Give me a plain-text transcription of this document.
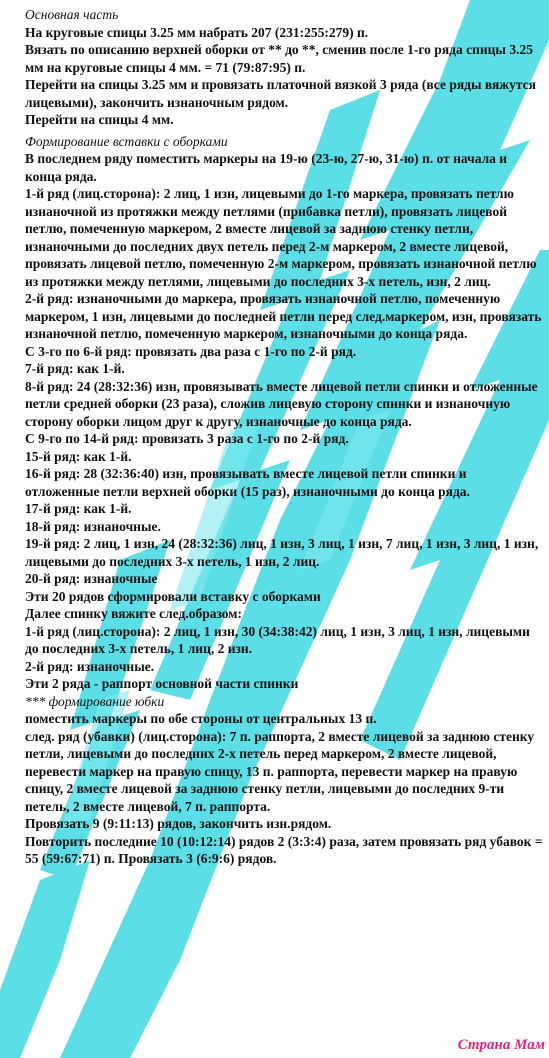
Основная часть

На круговые спицы 3.25 мм набрать 207 (231:255:279) п.

Вязать по описанию верхней оборки от ** до **, сменив после 1-го ряда спицы 3.25 мм на круговые спицы 4 мм. = 71 (79:87:95) п.

Перейти на спицы 3.25 мм и провязать платочной вязкой 3 ряда (все ряды вяжутся лицевыми), закончить изнаночным рядом.

Перейти на спицы 4 мм.

Формирование вставки с оборками

В последнем ряду поместить маркеры на 19-ю (23-ю, 27-ю, 31-ю) п. от начала и конца ряда.

1-й ряд (лиц.сторона): 2 лиц, 1 изн, лицевыми до 1-го маркера, провязать петлю изнаночной из протяжки между петлями (прибавка петли), провязать лицевой петлю, помеченную маркером, 2 вместе лицевой за заднюю стенку петли, изнаночными до последних двух петель перед 2-м маркером, 2 вместе лицевой, провязать лицевой петлю, помеченную 2-м маркером, провязать изнаночной петлю из протяжки между петлями, лицевыми до последних 3-х петель, изн, 2 лиц.

2-й ряд: изнаночными до маркера, провязать изнаночной петлю, помеченную маркером, 1 изн, лицевыми до последней петли перед след.маркером, изн, провязать изнаночной петлю, помеченную маркером, изнаночными до конца ряда.

С 3-го по 6-й ряд: провязать два раза с 1-го по 2-й ряд.

7-й ряд: как 1-й.

8-й ряд: 24 (28:32:36) изн, провязывать вместе лицевой петли спинки и отложенные петли средней оборки (23 раза), сложив лицевую сторону спинки и изнаночную сторону оборки лицом друг к другу, изнаночные до конца ряда.

С 9-го по 14-й ряд: провязать 3 раза с 1-го по 2-й ряд.

15-й ряд: как 1-й.

16-й ряд: 28 (32:36:40) изн, провязывать вместе лицевой петли спинки и отложенные петли верхней оборки (15 раз), изнаночными до конца ряда.

17-й ряд: как 1-й.

18-й ряд: изнаночные.

19-й ряд: 2 лиц, 1 изн, 24 (28:32:36) лиц, 1 изн, 3 лиц, 1 изн, 7 лиц, 1 изн, 3 лиц, 1 изн, лицевыми до последних 3-х петель, 1 изн, 2 лиц.

20-й ряд: изнаночные

Эти 20 рядов сформировали вставку с оборками

Далее спинку вяжите след.образом:

1-й ряд (лиц.сторона): 2 лиц, 1 изн, 30 (34:38:42) лиц, 1 изн, 3 лиц, 1 изн, лицевыми до последних 3-х петель, 1 лиц, 2 изн.

2-й ряд: изнаночные.

Эти 2 ряда - раппорт основной части спинки

*** формирование юбки

поместить маркеры по обе стороны от центральных 13 п.

след. ряд (убавки) (лиц.сторона): 7 п. раппорта, 2 вместе лицевой за заднюю стенку петли, лицевыми до последних 2-х петель перед маркером, 2 вместе лицевой, перевести маркер на правую спицу, 13 п. раппорта, перевести маркер на правую спицу, 2 вместе лицевой за заднюю стенку петли, лицевыми до последних 9-ти петель, 2 вместе лицевой, 7 п. раппорта.

Провязать 9 (9:11:13) рядов, закончить изн.рядом.

Повторить последние 10 (10:12:14) рядов 2 (3:3:4) раза, затем провязать ряд убавок = 55 (59:67:71) п. Провязать 3 (6:9:6) рядов.

Страна Мам
